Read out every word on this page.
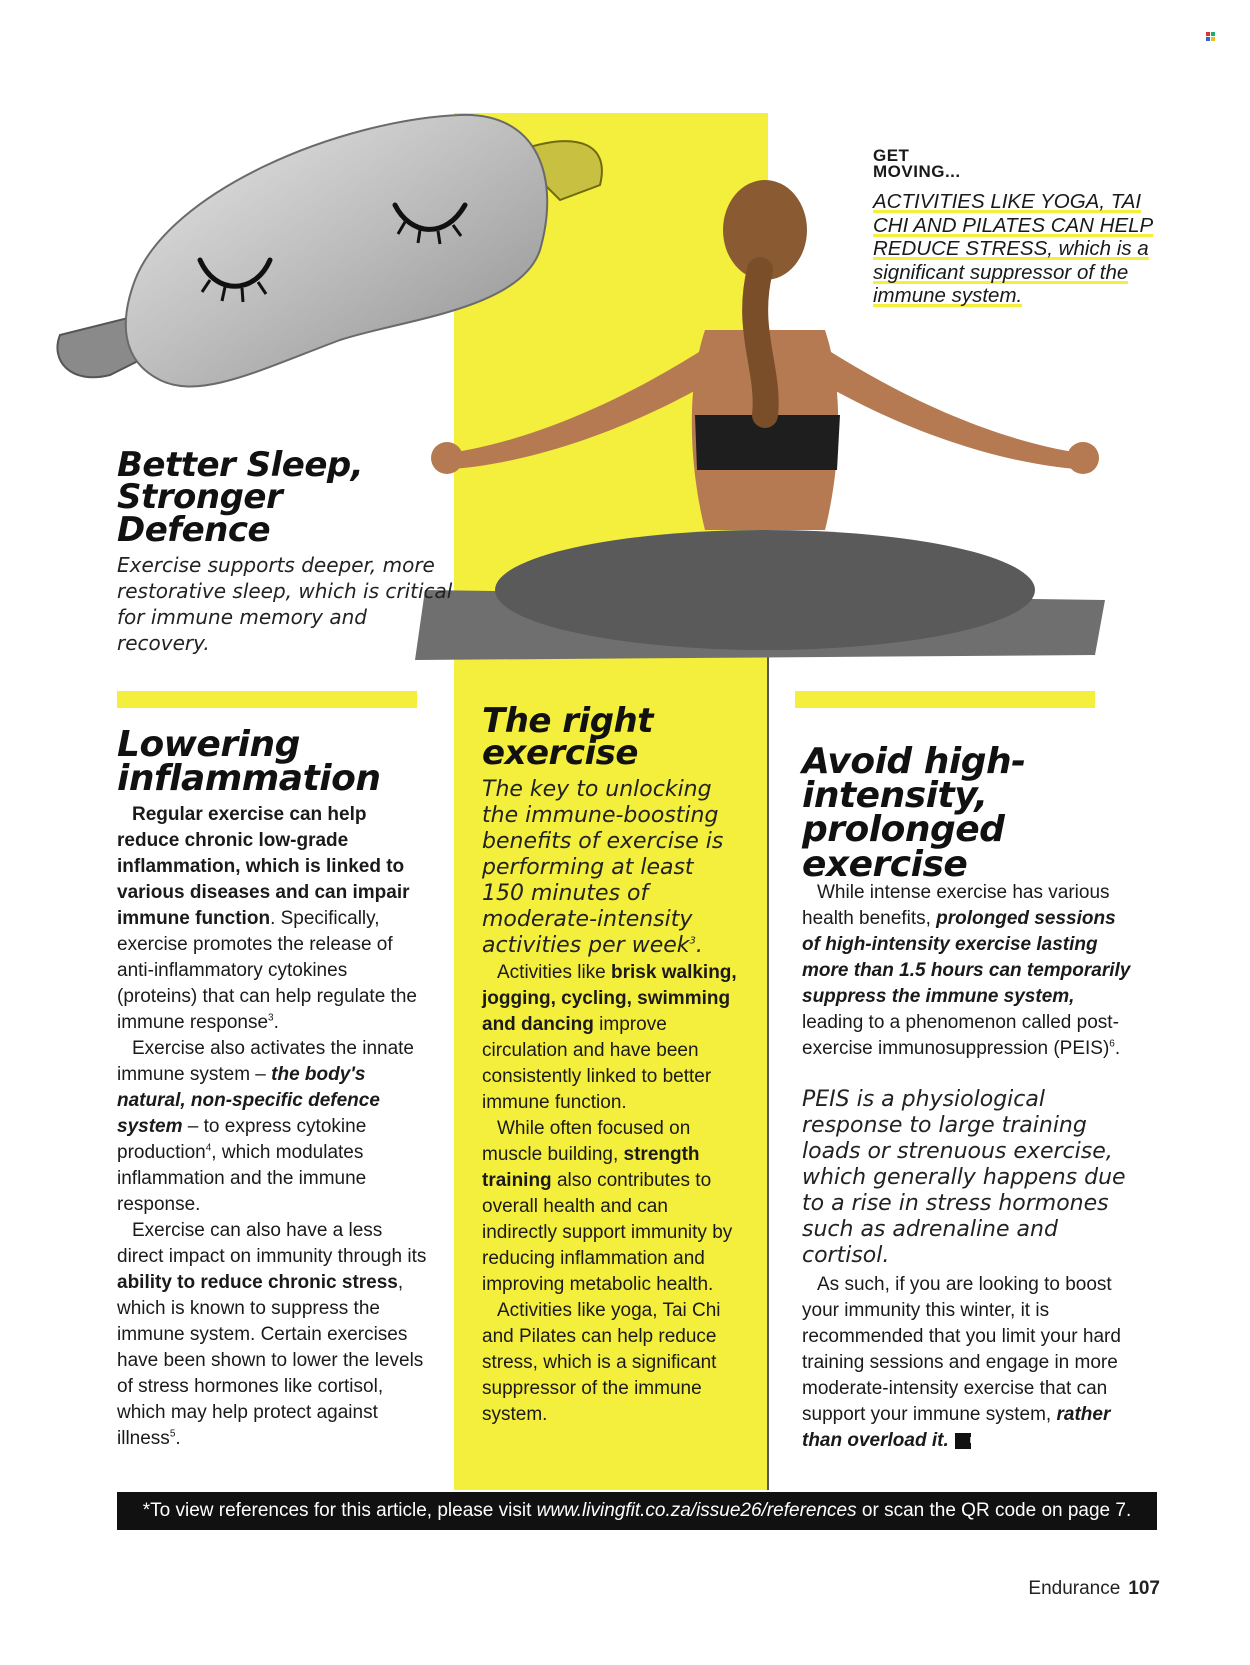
GET
MOVING...
ACTIVITIES LIKE YOGA, TAI
CHI AND PILATES CAN HELP
REDUCE STRESS, which is a
significant suppressor of the
immune system.
Better Sleep,
Stronger
Defence
Exercise supports deeper, more restorative sleep, which is critical for immune memory and recovery.
Lowering
inflammation

Regular exercise can help reduce chronic low-grade inflammation, which is linked to various diseases and can impair immune function. Specifically, exercise promotes the release of anti-inflammatory cytokines (proteins) that can help regulate the immune response$^3$.

Exercise also activates the innate immune system – the body's natural, non-specific defence system – to express cytokine production$^4$, which modulates inflammation and the immune response.

Exercise can also have a less direct impact on immunity through its ability to reduce chronic stress, which is known to suppress the immune system. Certain exercises have been shown to lower the levels of stress hormones like cortisol, which may help protect against illness$^5$.

The right
exercise
The key to unlocking the immune-boosting benefits of exercise is performing at least 150 minutes of moderate-intensity activities per week$^3$.

Activities like brisk walking, jogging, cycling, swimming and dancing improve circulation and have been consistently linked to better immune function.

While often focused on muscle building, strength training also contributes to overall health and can indirectly support immunity by reducing inflammation and improving metabolic health.

Activities like yoga, Tai Chi and Pilates can help reduce stress, which is a significant suppressor of the immune system.

Avoid high-
intensity,
prolonged
exercise

While intense exercise has various health benefits, prolonged sessions of high-intensity exercise lasting more than 1.5 hours can temporarily suppress the immune system, leading to a phenomenon called post-exercise immunosuppression (PEIS)$^6$.

PEIS is a physiological response to large training loads or strenuous exercise, which generally happens due to a rise in stress hormones such as adrenaline and cortisol.

As such, if you are looking to boost your immunity this winter, it is recommended that you limit your hard training sessions and engage in more moderate-intensity exercise that can support your immune system, rather than overload it.	LF

*To view references for this article, please visit www.livingfit.co.za/issue26/references or scan the QR code on page 7.
Endurance 107
